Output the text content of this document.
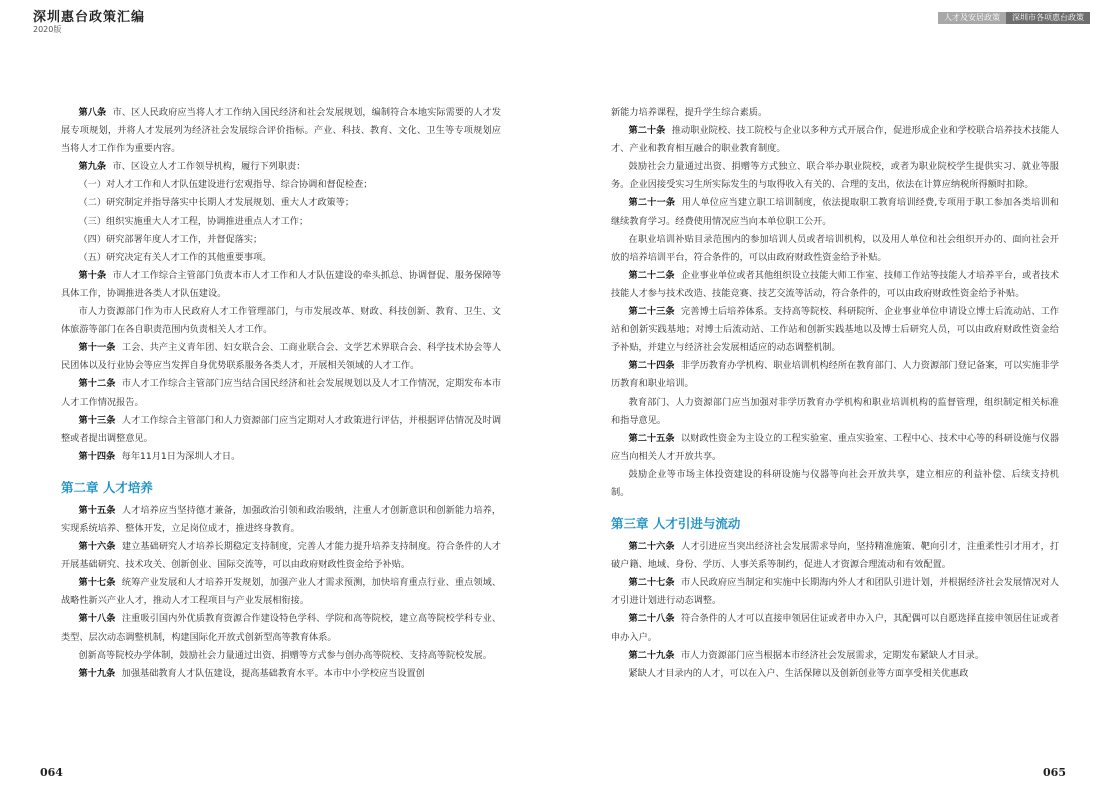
深圳惠台政策汇编
2020版
人才及安居政策	深圳市各项惠台政策

第八条 市、区人民政府应当将人才工作纳入国民经济和社会发展规划，编制符合本地实际需要的人才发展专项规划，并将人才发展列为经济社会发展综合评价指标。产业、科技、教育、文化、卫生等专项规划应当将人才工作作为重要内容。

第九条 市、区设立人才工作领导机构，履行下列职责：

（一）对人才工作和人才队伍建设进行宏观指导、综合协调和督促检查；

（二）研究制定并指导落实中长期人才发展规划、重大人才政策等；

（三）组织实施重大人才工程，协调推进重点人才工作；

（四）研究部署年度人才工作，并督促落实；

（五）研究决定有关人才工作的其他重要事项。

第十条 市人才工作综合主管部门负责本市人才工作和人才队伍建设的牵头抓总、协调督促、服务保障等具体工作，协调推进各类人才队伍建设。

市人力资源部门作为市人民政府人才工作管理部门，与市发展改革、财政、科技创新、教育、卫生、文体旅游等部门在各自职责范围内负责相关人才工作。

第十一条 工会、共产主义青年团、妇女联合会、工商业联合会、文学艺术界联合会、科学技术协会等人民团体以及行业协会等应当发挥自身优势联系服务各类人才，开展相关领域的人才工作。

第十二条 市人才工作综合主管部门应当结合国民经济和社会发展规划以及人才工作情况，定期发布本市人才工作情况报告。

第十三条 人才工作综合主管部门和人力资源部门应当定期对人才政策进行评估，并根据评估情况及时调整或者提出调整意见。

第十四条 每年11月1日为深圳人才日。

第二章 人才培养

第十五条 人才培养应当坚持德才兼备，加强政治引领和政治吸纳，注重人才创新意识和创新能力培养，实现系统培养、整体开发，立足岗位成才，推进终身教育。

第十六条 建立基础研究人才培养长期稳定支持制度，完善人才能力提升培养支持制度。符合条件的人才开展基础研究、技术攻关、创新创业、国际交流等，可以由政府财政性资金给予补贴。

第十七条 统筹产业发展和人才培养开发规划，加强产业人才需求预测，加快培育重点行业、重点领域、战略性新兴产业人才，推动人才工程项目与产业发展相衔接。

第十八条 注重吸引国内外优质教育资源合作建设特色学科、学院和高等院校，建立高等院校学科专业、类型、层次动态调整机制，构建国际化开放式创新型高等教育体系。

创新高等院校办学体制，鼓励社会力量通过出资、捐赠等方式参与创办高等院校、支持高等院校发展。

第十九条 加强基础教育人才队伍建设，提高基础教育水平。本市中小学校应当设置创

新能力培养课程，提升学生综合素质。

第二十条 推动职业院校、技工院校与企业以多种方式开展合作，促进形成企业和学校联合培养技术技能人才、产业和教育相互融合的职业教育制度。

鼓励社会力量通过出资、捐赠等方式独立、联合举办职业院校，或者为职业院校学生提供实习、就业等服务。企业因接受实习生所实际发生的与取得收入有关的、合理的支出，依法在计算应纳税所得额时扣除。

第二十一条 用人单位应当建立职工培训制度，依法提取职工教育培训经费,专项用于职工参加各类培训和继续教育学习。经费使用情况应当向本单位职工公开。

在职业培训补贴目录范围内的参加培训人员或者培训机构，以及用人单位和社会组织开办的、面向社会开放的培养培训平台，符合条件的，可以由政府财政性资金给予补贴。

第二十二条 企业事业单位或者其他组织设立技能大师工作室、技师工作站等技能人才培养平台，或者技术技能人才参与技术改造、技能竞赛、技艺交流等活动，符合条件的，可以由政府财政性资金给予补贴。

第二十三条 完善博士后培养体系。支持高等院校、科研院所、企业事业单位申请设立博士后流动站、工作站和创新实践基地；对博士后流动站、工作站和创新实践基地以及博士后研究人员，可以由政府财政性资金给予补贴，并建立与经济社会发展相适应的动态调整机制。

第二十四条 非学历教育办学机构、职业培训机构经所在教育部门、人力资源部门登记备案，可以实施非学历教育和职业培训。

教育部门、人力资源部门应当加强对非学历教育办学机构和职业培训机构的监督管理，组织制定相关标准和指导意见。

第二十五条 以财政性资金为主设立的工程实验室、重点实验室、工程中心、技术中心等的科研设施与仪器应当向相关人才开放共享。

鼓励企业等市场主体投资建设的科研设施与仪器等向社会开放共享，建立相应的利益补偿、后续支持机制。

第三章 人才引进与流动

第二十六条 人才引进应当突出经济社会发展需求导向，坚持精准施策、靶向引才，注重柔性引才用才，打破户籍、地域、身份、学历、人事关系等制约，促进人才资源合理流动和有效配置。

第二十七条 市人民政府应当制定和实施中长期海内外人才和团队引进计划，并根据经济社会发展情况对人才引进计划进行动态调整。

第二十八条 符合条件的人才可以直接申领居住证或者申办入户，其配偶可以自愿选择直接申领居住证或者申办入户。

第二十九条 市人力资源部门应当根据本市经济社会发展需求，定期发布紧缺人才目录。

紧缺人才目录内的人才，可以在入户、生活保障以及创新创业等方面享受相关优惠政

064	065
